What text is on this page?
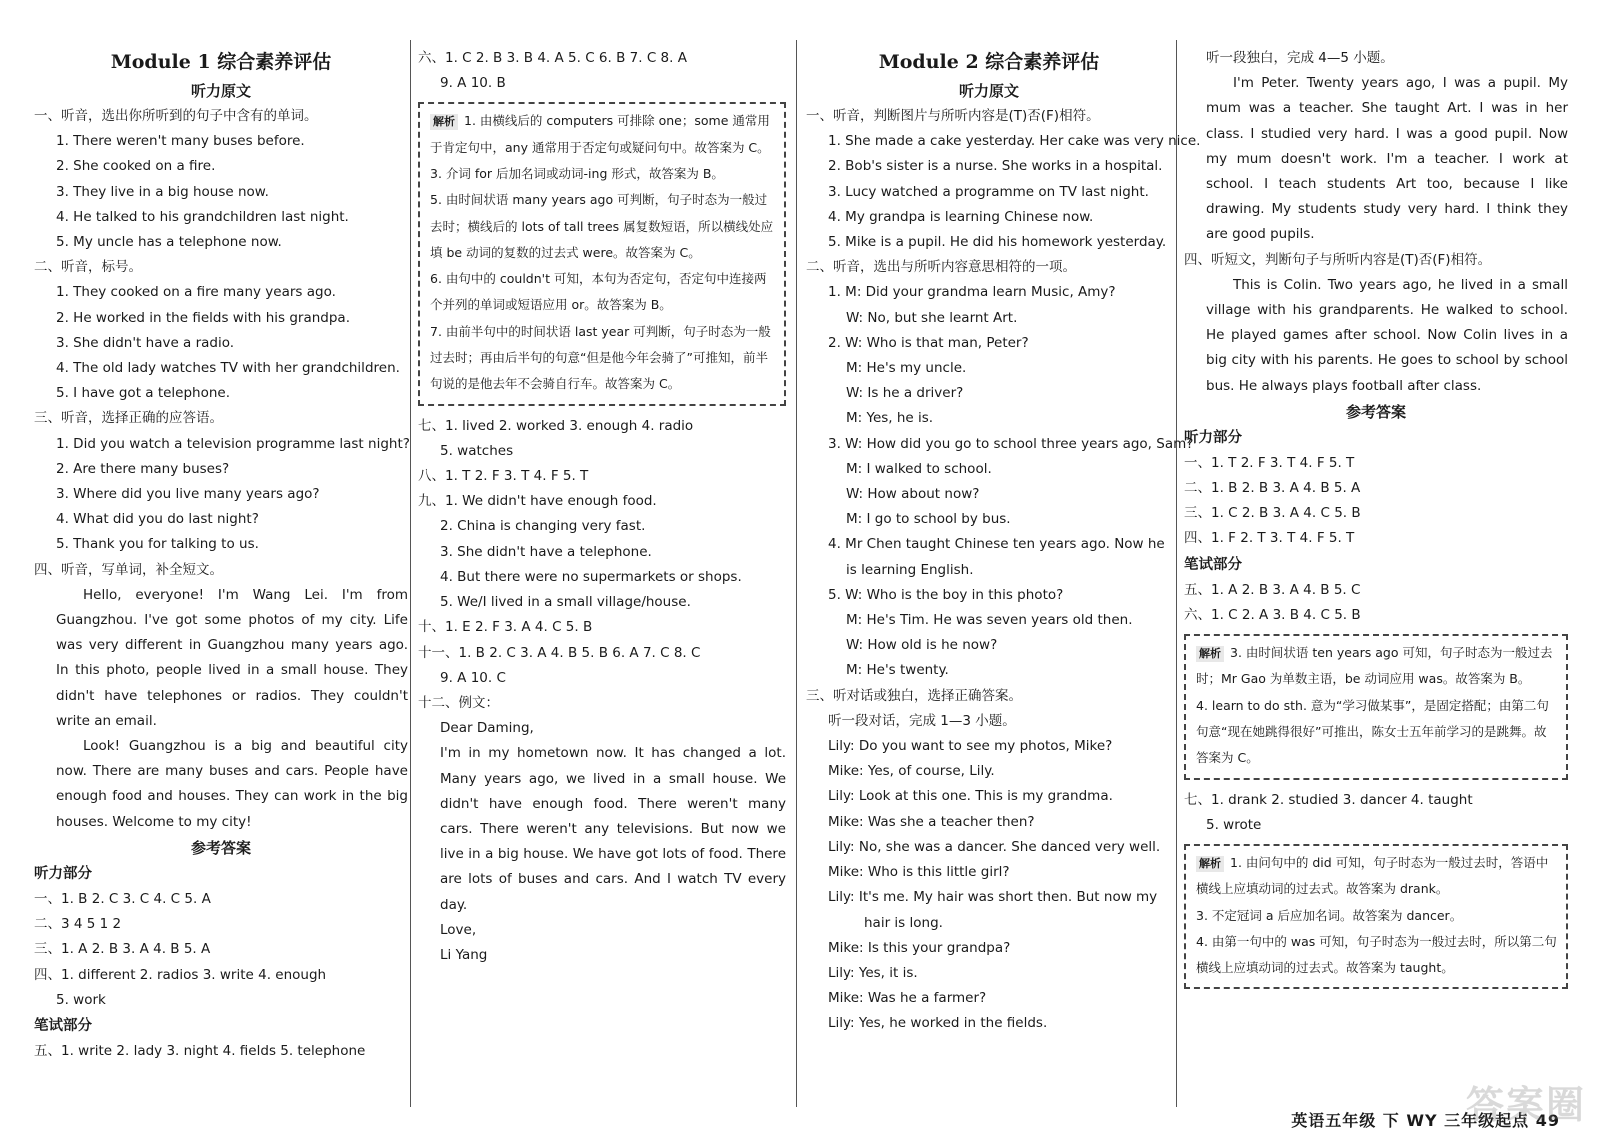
Module 1 综合素养评估
听力原文
一、听音，选出你所听到的句子中含有的单词。
1. There weren't many buses before.
2. She cooked on a fire.
3. They live in a big house now.
4. He talked to his grandchildren last night.
5. My uncle has a telephone now.
二、听音，标号。
1. They cooked on a fire many years ago.
2. He worked in the fields with his grandpa.
3. She didn't have a radio.
4. The old lady watches TV with her grandchildren.
5. I have got a telephone.
三、听音，选择正确的应答语。
1. Did you watch a television programme last night?
2. Are there many buses?
3. Where did you live many years ago?
4. What did you do last night?
5. Thank you for talking to us.
四、听音，写单词，补全短文。
Hello, everyone! I'm Wang Lei. I'm from Guangzhou. I've got some photos of my city. Life was very different in Guangzhou many years ago. In this photo, people lived in a small house. They didn't have telephones or radios. They couldn't write an email.
Look! Guangzhou is a big and beautiful city now. There are many buses and cars. People have enough food and houses. They can work in the big houses. Welcome to my city!
参考答案
听力部分
一、1. B 2. C 3. C 4. C 5. A
二、3 4 5 1 2
三、1. A 2. B 3. A 4. B 5. A
四、1. different 2. radios 3. write 4. enough
5. work
笔试部分
五、1. write 2. lady 3. night 4. fields 5. telephone
六、1. C 2. B 3. B 4. A 5. C 6. B 7. C 8. A
9. A 10. B
解析 1. 由横线后的 computers 可排除 one；some 通常用于肯定句中，any 通常用于否定句或疑问句中。故答案为 C。
3. 介词 for 后加名词或动词-ing 形式，故答案为 B。
5. 由时间状语 many years ago 可判断，句子时态为一般过去时；横线后的 lots of tall trees 属复数短语，所以横线处应填 be 动词的复数的过去式 were。故答案为 C。
6. 由句中的 couldn't 可知，本句为否定句，否定句中连接两个并列的单词或短语应用 or。故答案为 B。
7. 由前半句中的时间状语 last year 可判断，句子时态为一般过去时；再由后半句的句意“但是他今年会骑了”可推知，前半句说的是他去年不会骑自行车。故答案为 C。
七、1. lived 2. worked 3. enough 4. radio
5. watches
八、1. T 2. F 3. T 4. F 5. T
九、1. We didn't have enough food.
2. China is changing very fast.
3. She didn't have a telephone.
4. But there were no supermarkets or shops.
5. We/I lived in a small village/house.
十、1. E 2. F 3. A 4. C 5. B
十一、1. B 2. C 3. A 4. B 5. B 6. A 7. C 8. C
9. A 10. C
十二、例文：
Dear Daming,
I'm in my hometown now. It has changed a lot. Many years ago, we lived in a small house. We didn't have enough food. There weren't many cars. There weren't any televisions. But now we live in a big house. We have got lots of food. There are lots of buses and cars. And I watch TV every day.
Love,
Li Yang
Module 2 综合素养评估
听力原文
一、听音，判断图片与所听内容是(T)否(F)相符。
1. She made a cake yesterday. Her cake was very nice.
2. Bob's sister is a nurse. She works in a hospital.
3. Lucy watched a programme on TV last night.
4. My grandpa is learning Chinese now.
5. Mike is a pupil. He did his homework yesterday.
二、听音，选出与所听内容意思相符的一项。
1. M: Did your grandma learn Music, Amy?
W: No, but she learnt Art.
2. W: Who is that man, Peter?
M: He's my uncle.
W: Is he a driver?
M: Yes, he is.
3. W: How did you go to school three years ago, Sam?
M: I walked to school.
W: How about now?
M: I go to school by bus.
4. Mr Chen taught Chinese ten years ago. Now he
is learning English.
5. W: Who is the boy in this photo?
M: He's Tim. He was seven years old then.
W: How old is he now?
M: He's twenty.
三、听对话或独白，选择正确答案。
听一段对话，完成 1—3 小题。
Lily: Do you want to see my photos, Mike?
Mike: Yes, of course, Lily.
Lily: Look at this one. This is my grandma.
Mike: Was she a teacher then?
Lily: No, she was a dancer. She danced very well.
Mike: Who is this little girl?
Lily: It's me. My hair was short then. But now my
hair is long.
Mike: Is this your grandpa?
Lily: Yes, it is.
Mike: Was he a farmer?
Lily: Yes, he worked in the fields.
听一段独白，完成 4—5 小题。
I'm Peter. Twenty years ago, I was a pupil. My mum was a teacher. She taught Art. I was in her class. I studied very hard. I was a good pupil. Now my mum doesn't work. I'm a teacher. I work at school. I teach students Art too, because I like drawing. My students study very hard. I think they are good pupils.
四、听短文，判断句子与所听内容是(T)否(F)相符。
This is Colin. Two years ago, he lived in a small village with his grandparents. He walked to school. He played games after school. Now Colin lives in a big city with his parents. He goes to school by school bus. He always plays football after class.
参考答案
听力部分
一、1. T 2. F 3. T 4. F 5. T
二、1. B 2. B 3. A 4. B 5. A
三、1. C 2. B 3. A 4. C 5. B
四、1. F 2. T 3. T 4. F 5. T
笔试部分
五、1. A 2. B 3. A 4. B 5. C
六、1. C 2. A 3. B 4. C 5. B
解析 3. 由时间状语 ten years ago 可知，句子时态为一般过去时；Mr Gao 为单数主语，be 动词应用 was。故答案为 B。
4. learn to do sth. 意为“学习做某事”，是固定搭配；由第二句句意“现在她跳得很好”可推出，陈女士五年前学习的是跳舞。故答案为 C。
七、1. drank 2. studied 3. dancer 4. taught
5. wrote
解析 1. 由问句中的 did 可知，句子时态为一般过去时，答语中横线上应填动词的过去式。故答案为 drank。
3. 不定冠词 a 后应加名词。故答案为 dancer。
4. 由第一句中的 was 可知，句子时态为一般过去时，所以第二句横线上应填动词的过去式。故答案为 taught。
英语五年级 下 WY 三年级起点 49
答案圈
